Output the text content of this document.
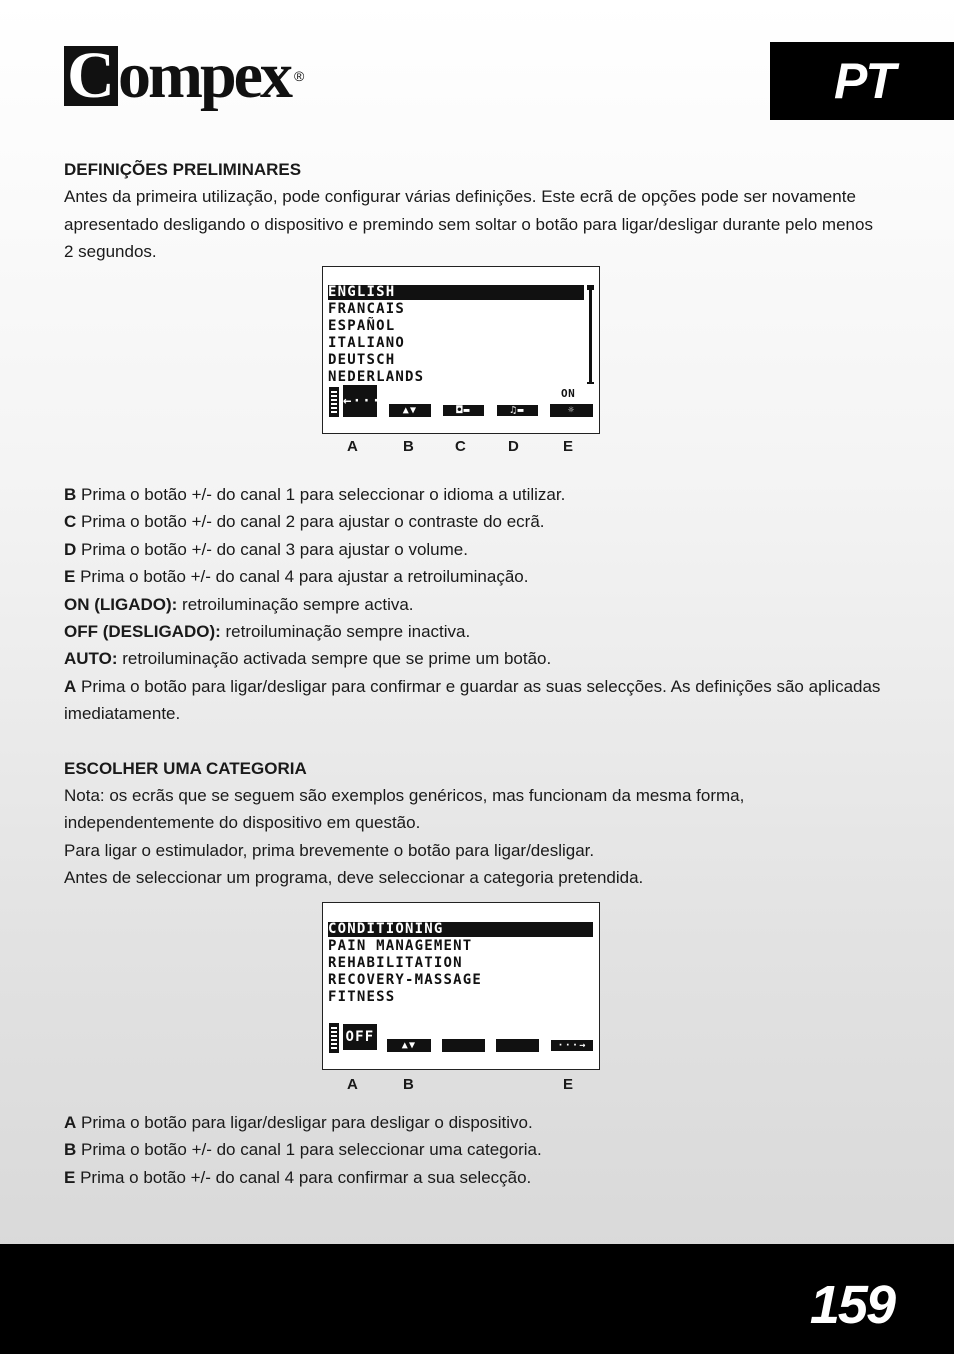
C ompex ®	PT
DEFINIÇÕES PRELIMINARES
Antes da primeira utilização, pode configurar várias definições. Este ecrã de opções pode ser novamente
apresentado desligando o dispositivo e premindo sem soltar o botão para ligar/desligar durante pelo menos
2 segundos.
ENGLISH
FRANCAIS
ESPAÑOL
ITALIANO
DEUTSCH
NEDERLANDS
←···
▲▼	◘▬	♫▬
ON
☼
A	B	C	D	E
B Prima o botão +/- do canal 1 para seleccionar o idioma a utilizar.
C Prima o botão +/- do canal 2 para ajustar o contraste do ecrã.
D Prima o botão +/- do canal 3 para ajustar o volume.
E Prima o botão +/- do canal 4 para ajustar a retroiluminação.
ON (LIGADO): retroiluminação sempre activa.
OFF (DESLIGADO): retroiluminação sempre inactiva.
AUTO: retroiluminação activada sempre que se prime um botão.
A Prima o botão para ligar/desligar para confirmar e guardar as suas selecções. As definições são aplicadas
imediatamente.
ESCOLHER UMA CATEGORIA
Nota: os ecrãs que se seguem são exemplos genéricos, mas funcionam da mesma forma,
independentemente do dispositivo em questão.
Para ligar o estimulador, prima brevemente o botão para ligar/desligar.
Antes de seleccionar um programa, deve seleccionar a categoria pretendida.
CONDITIONING
PAIN MANAGEMENT
REHABILITATION
RECOVERY-MASSAGE
FITNESS
OFF
▲▼	···→
A	B	E
A Prima o botão para ligar/desligar para desligar o dispositivo.
B Prima o botão +/- do canal 1 para seleccionar uma categoria.
E Prima o botão +/- do canal 4 para confirmar a sua selecção.
159
